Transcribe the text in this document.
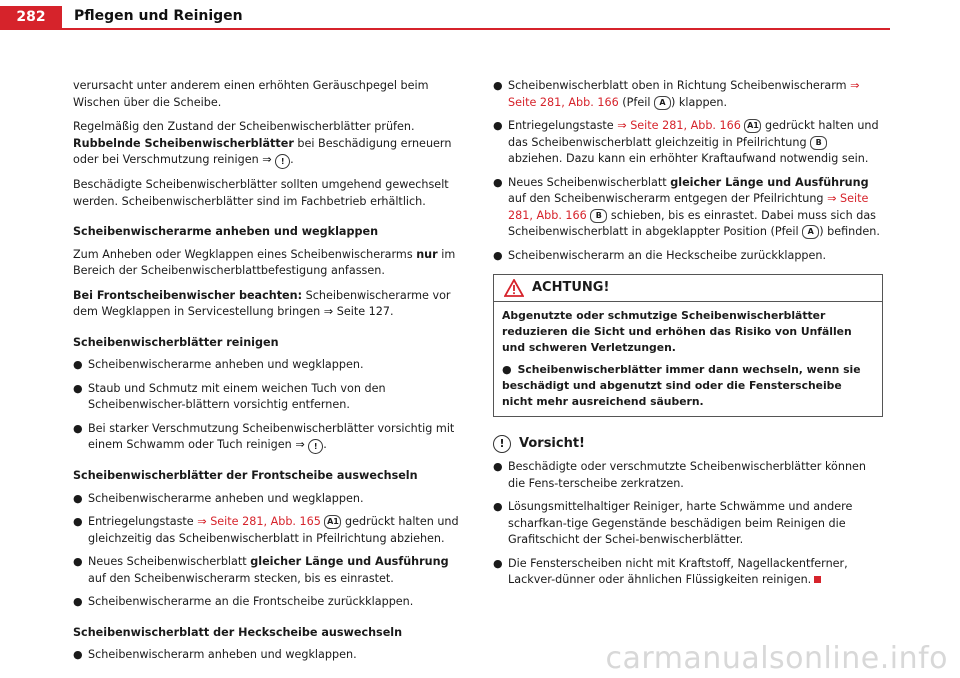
282	Pflegen und Reinigen

verursacht unter anderem einen erhöhten Geräuschpegel beim Wischen über die Scheibe.

Regelmäßig den Zustand der Scheibenwischerblätter prüfen. Rubbelnde Scheibenwischerblätter bei Beschädigung erneuern oder bei Verschmutzung reinigen ⇒ ! .

Beschädigte Scheibenwischerblätter sollten umgehend gewechselt werden. Scheibenwischerblätter sind im Fachbetrieb erhältlich.

Scheibenwischerarme anheben und wegklappen

Zum Anheben oder Wegklappen eines Scheibenwischerarms nur im Bereich der Scheibenwischerblattbefestigung anfassen.

Bei Frontscheibenwischer beachten: Scheibenwischerarme vor dem Wegklappen in Servicestellung bringen ⇒ Seite 127.

Scheibenwischerblätter reinigen
● Scheibenwischerarme anheben und wegklappen.
● Staub und Schmutz mit einem weichen Tuch von den Scheibenwischer-blättern vorsichtig entfernen.
● Bei starker Verschmutzung Scheibenwischerblätter vorsichtig mit einem Schwamm oder Tuch reinigen ⇒ ! .
Scheibenwischerblätter der Frontscheibe auswechseln
● Scheibenwischerarme anheben und wegklappen.
● Entriegelungstaste ⇒ Seite 281, Abb. 165 A1 gedrückt halten und gleichzeitig das Scheibenwischerblatt in Pfeilrichtung abziehen.
● Neues Scheibenwischerblatt gleicher Länge und Ausführung auf den Scheibenwischerarm stecken, bis es einrastet.
● Scheibenwischerarme an die Frontscheibe zurückklappen.
Scheibenwischerblatt der Heckscheibe auswechseln
● Scheibenwischerarm anheben und wegklappen.
● Scheibenwischerblatt oben in Richtung Scheibenwischerarm ⇒ Seite 281, Abb. 166 (Pfeil A ) klappen.
● Entriegelungstaste ⇒ Seite 281, Abb. 166 A1 gedrückt halten und das Scheibenwischerblatt gleichzeitig in Pfeilrichtung B abziehen. Dazu kann ein erhöhter Kraftaufwand notwendig sein.
● Neues Scheibenwischerblatt gleicher Länge und Ausführung auf den Scheibenwischerarm entgegen der Pfeilrichtung ⇒ Seite 281, Abb. 166 B schieben, bis es einrastet. Dabei muss sich das Scheibenwischerblatt in abgeklappter Position (Pfeil A ) befinden.
● Scheibenwischerarm an die Heckscheibe zurückklappen.
ACHTUNG!

Abgenutzte oder schmutzige Scheibenwischerblätter reduzieren die Sicht und erhöhen das Risiko von Unfällen und schweren Verletzungen.

● Scheibenwischerblätter immer dann wechseln, wenn sie beschädigt und abgenutzt sind oder die Fensterscheibe nicht mehr ausreichend säubern.

!	Vorsicht!
● Beschädigte oder verschmutzte Scheibenwischerblätter können die Fens-terscheibe zerkratzen.
● Lösungsmittelhaltiger Reiniger, harte Schwämme und andere scharfkan-tige Gegenstände beschädigen beim Reinigen die Grafitschicht der Schei-benwischerblätter.
● Die Fensterscheiben nicht mit Kraftstoff, Nagellackentferner, Lackver-dünner oder ähnlichen Flüssigkeiten reinigen.
carmanualsonline.info
